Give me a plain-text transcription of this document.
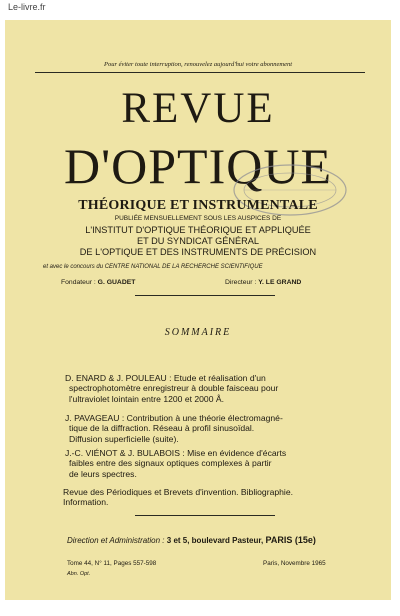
Le-livre.fr
Pour éviter toute interruption, renouvelez aujourd'hui votre abonnement
REVUE
D'OPTIQUE
THÉORIQUE ET INSTRUMENTALE
PUBLIÉE MENSUELLEMENT SOUS LES AUSPICES DE
L'INSTITUT D'OPTIQUE THÉORIQUE ET APPLIQUÉE
ET DU SYNDICAT GÉNÉRAL
DE L'OPTIQUE ET DES INSTRUMENTS DE PRÉCISION
et avec le concours du CENTRE NATIONAL DE LA RECHERCHE SCIENTIFIQUE
Fondateur : G. GUADET	Directeur : Y. LE GRAND
SOMMAIRE
D. ENARD & J. POULEAU : Etude et réalisation d'un
spectrophotomètre enregistreur à double faisceau pour
l'ultraviolet lointain entre 1200 et 2000 Å.
J. PAVAGEAU : Contribution à une théorie électromagné-
tique de la diffraction. Réseau à profil sinusoïdal.
Diffusion superficielle (suite).
J.-C. VIÉNOT & J. BULABOIS : Mise en évidence d'écarts
faibles entre des signaux optiques complexes à partir
de leurs spectres.
Revue des Périodiques et Brevets d'invention. Bibliographie.
Information.
Direction et Administration : 3 et 5, boulevard Pasteur, PARIS (15e)
Tome 44, N° 11, Pages 557-598
Abn. Opt.
Paris, Novembre 1965
